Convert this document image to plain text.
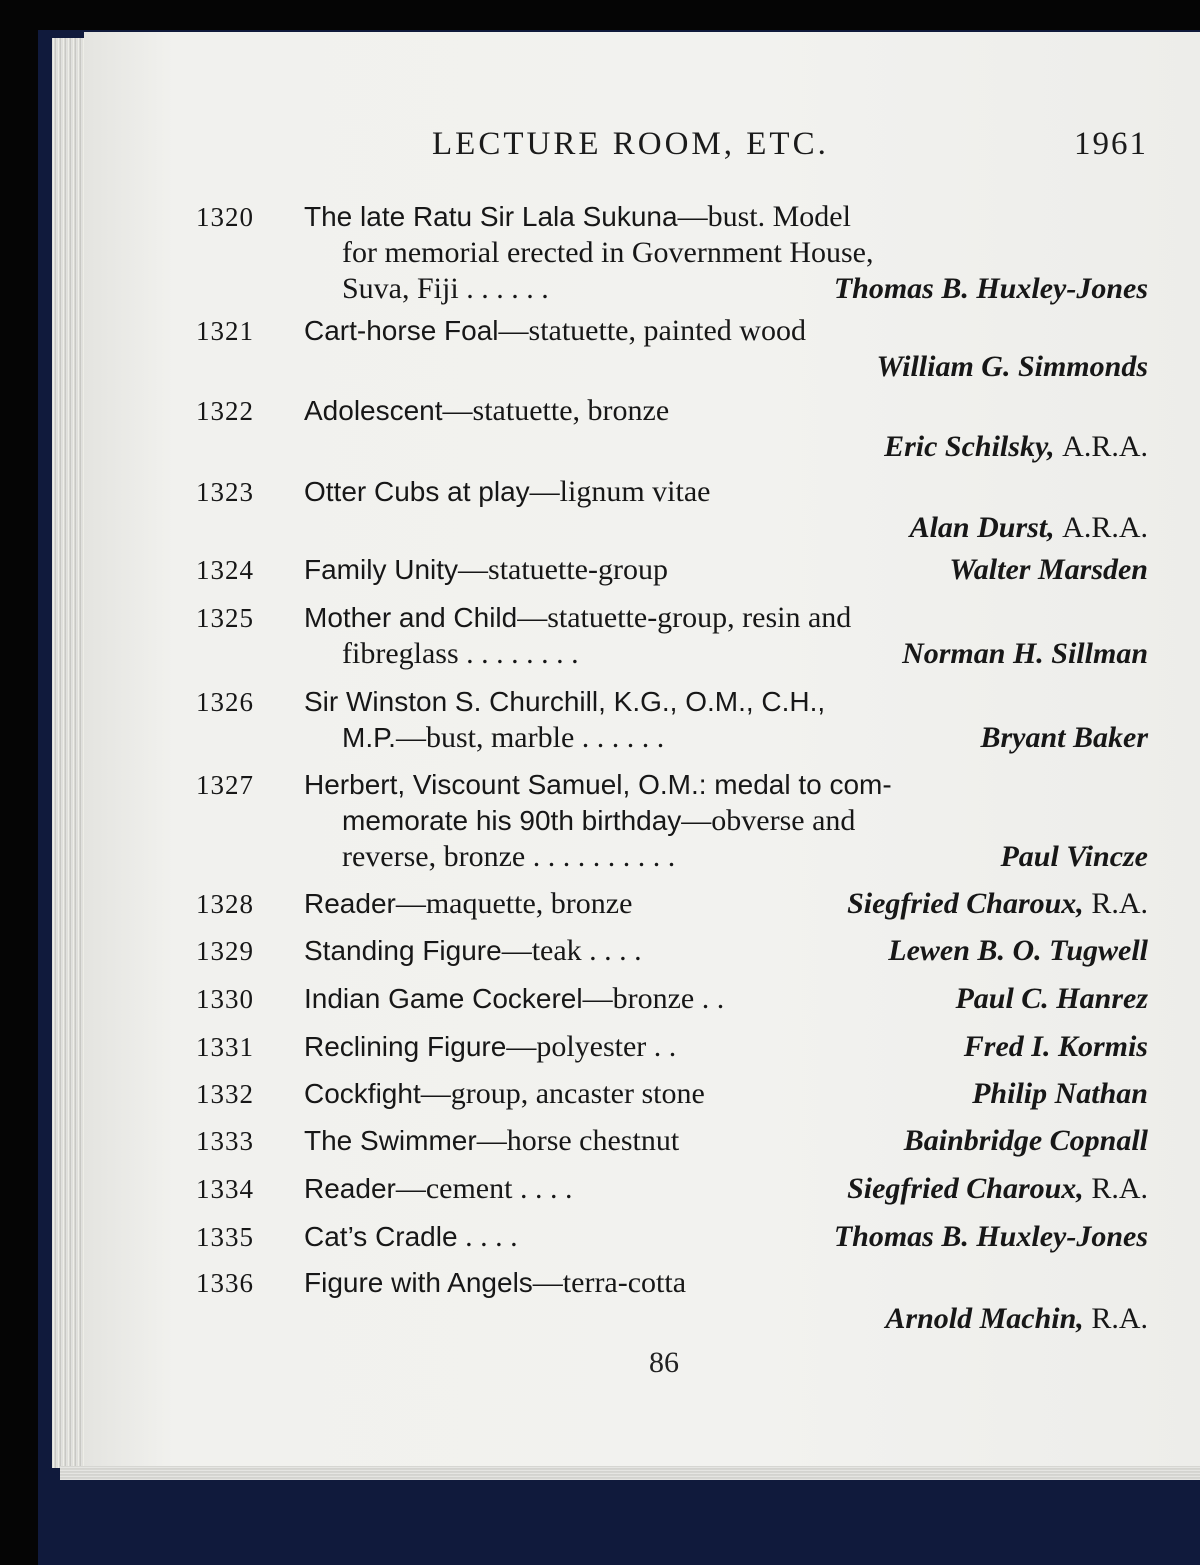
LECTURE ROOM, ETC.	1961
1320 The late Ratu Sir Lala Sukuna—bust. Model
for memorial erected in Government House,
Suva, Fiji . . . . . .	Thomas B. Huxley-Jones
1321 Cart-horse Foal—statuette, painted wood
William G. Simmonds
1322 Adolescent—statuette, bronze
Eric Schilsky, A.R.A.
1323 Otter Cubs at play—lignum vitae
Alan Durst, A.R.A.
1324 Family Unity—statuette-group	Walter Marsden
1325 Mother and Child—statuette-group, resin and
fibreglass . . . . . . . .	Norman H. Sillman
1326 Sir Winston S. Churchill, K.G., O.M., C.H.,
M.P.—bust, marble . . . . . .	Bryant Baker
1327 Herbert, Viscount Samuel, O.M.: medal to com-
memorate his 90th birthday—obverse and
reverse, bronze . . . . . . . . . .	Paul Vincze
1328 Reader—maquette, bronze	Siegfried Charoux, R.A.
1329 Standing Figure—teak . . . .	Lewen B. O. Tugwell
1330 Indian Game Cockerel—bronze . .	Paul C. Hanrez
1331 Reclining Figure—polyester . .	Fred I. Kormis
1332 Cockfight—group, ancaster stone	Philip Nathan
1333 The Swimmer—horse chestnut	Bainbridge Copnall
1334 Reader—cement . . . .	Siegfried Charoux, R.A.
1335 Cat’s Cradle . . . .	Thomas B. Huxley-Jones
1336 Figure with Angels—terra-cotta
Arnold Machin, R.A.
86
